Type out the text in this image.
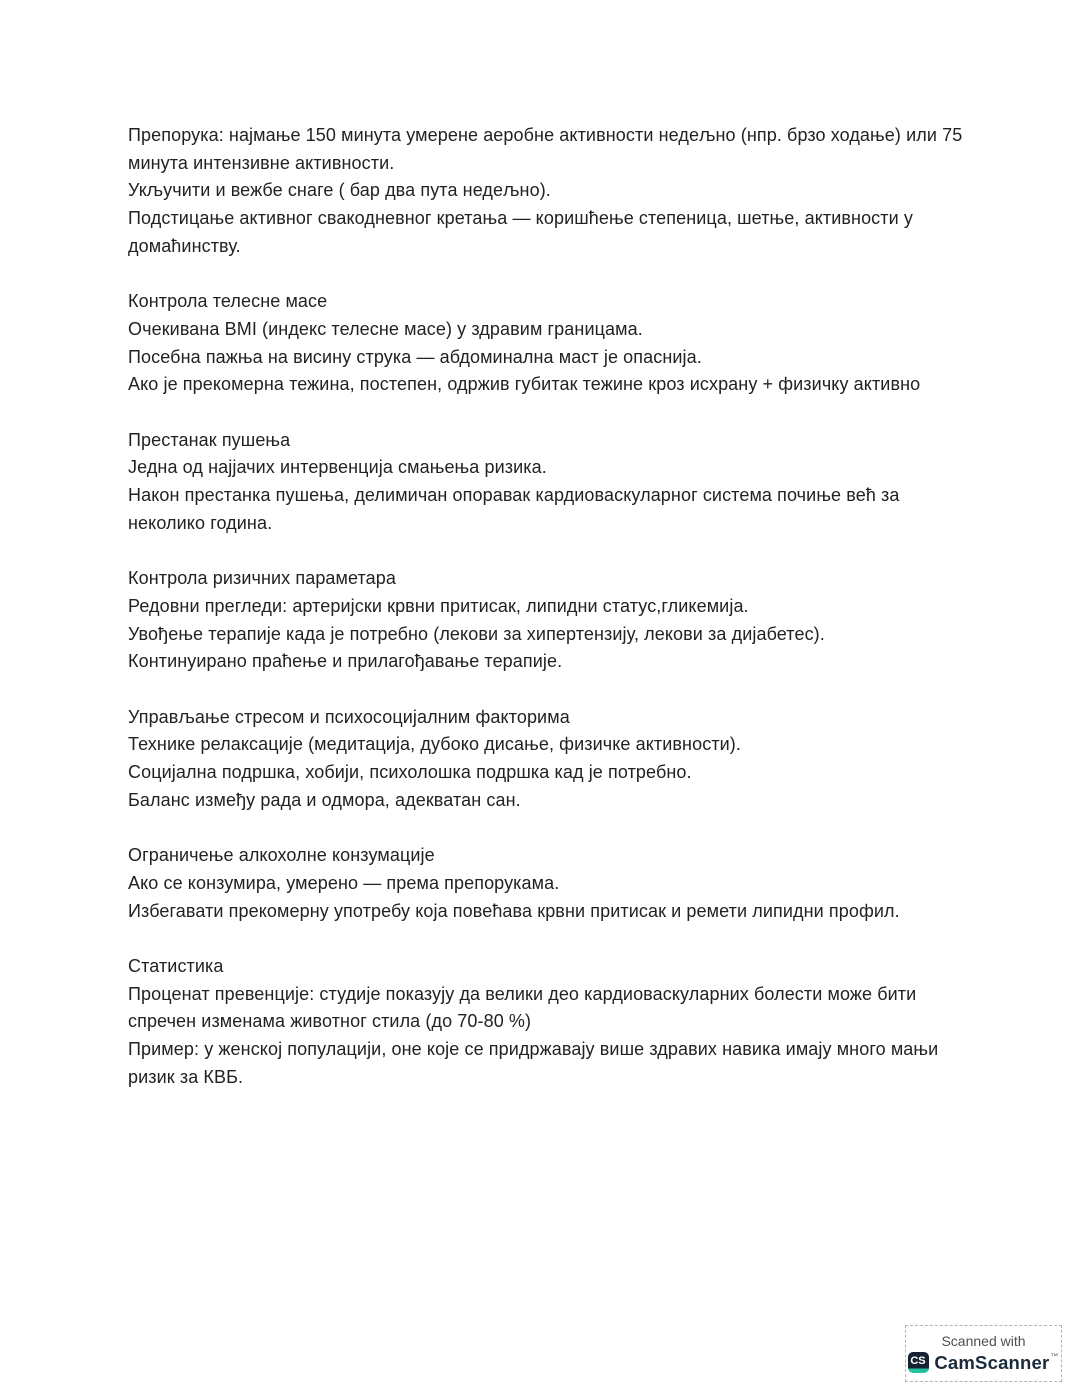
Препорука: најмање 150 минута умерене аеробне активности недељно (нпр. брзо ходање) или 75
минута интензивне активности.
Укључити и вежбе снаге ( бар два пута недељно).
Подстицање активног свакодневног кретања — коришћење степеница, шетње, активности у
домаћинству.
Контрола телесне масе
Очекивана BMI (индекс телесне масе) у здравим границама.
Посебна пажња на висину струка — абдоминална маст је опаснија.
Ако је прекомерна тежина, постепен, одржив губитак тежине кроз исхрану + физичку активно
Престанак пушења
Једна од најјачих интервенција смањења ризика.
Након престанка пушења, делимичан опоравак кардиоваскуларног система почиње већ за
неколико година.
Контрола ризичних параметара
Редовни прегледи: артеријски крвни притисак, липидни статус,гликемија.
Увођење терапије када је потребно (лекови за хипертензију, лекови за дијабетес).
Континуирано праћење и прилагођавање терапије.
Управљање стресом и психосоцијалним факторима
Технике релаксације (медитација, дубоко дисање, физичке активности).
Социјална подршка, хобији, психолошка подршка кад је потребно.
Баланс између рада и одмора, адекватан сан.
Ограничење алкохолне конзумације
Ако се конзумира, умерено — према препорукама.
Избегавати прекомерну употребу која повећава крвни притисак и ремети липидни профил.
Статистика
Проценат превенције: студије показују да велики део кардиоваскуларних болести може бити
спречен изменама животног стила (до 70-80 %)
Пример: у женској популацији, оне које се придржавају више здравих навика имају много мањи
ризик за КВБ.
Scanned with
CS CamScanner™
